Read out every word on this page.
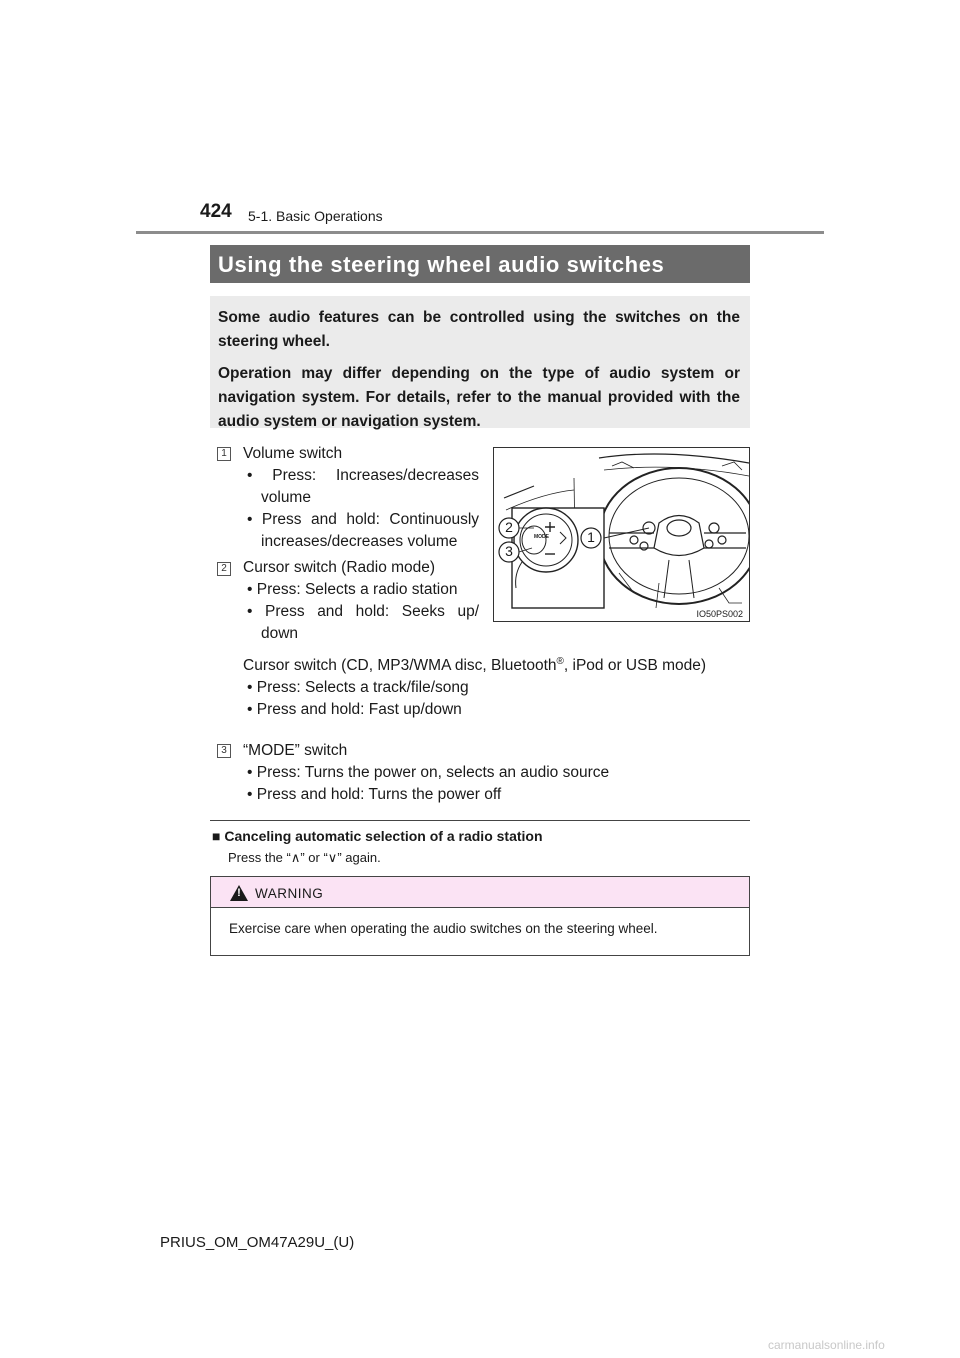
424 5-1. Basic Operations
Using the steering wheel audio switches

Some audio features can be controlled using the switches on the steering wheel.

Operation may differ depending on the type of audio system or navigation system. For details, refer to the manual provided with the audio system or navigation system.

1 Volume switch
• Press: Increases/decreases volume
• Press and hold: Continuously increases/decreases volume
2 Cursor switch (Radio mode)
• Press: Selects a radio station
• Press and hold: Seeks up/ down
Cursor switch (CD, MP3/WMA disc, Bluetooth®, iPod or USB mode)
• Press: Selects a track/file/song
• Press and hold: Fast up/down
3 “MODE” switch
• Press: Turns the power on, selects an audio source
• Press and hold: Turns the power off
1
2
3
MODE
IO50PS002
■ Canceling automatic selection of a radio station
Press the “∧” or “∨” again.
!	WARNING
Exercise care when operating the audio switches on the steering wheel.
PRIUS_OM_OM47A29U_(U)
carmanualsonline.info
